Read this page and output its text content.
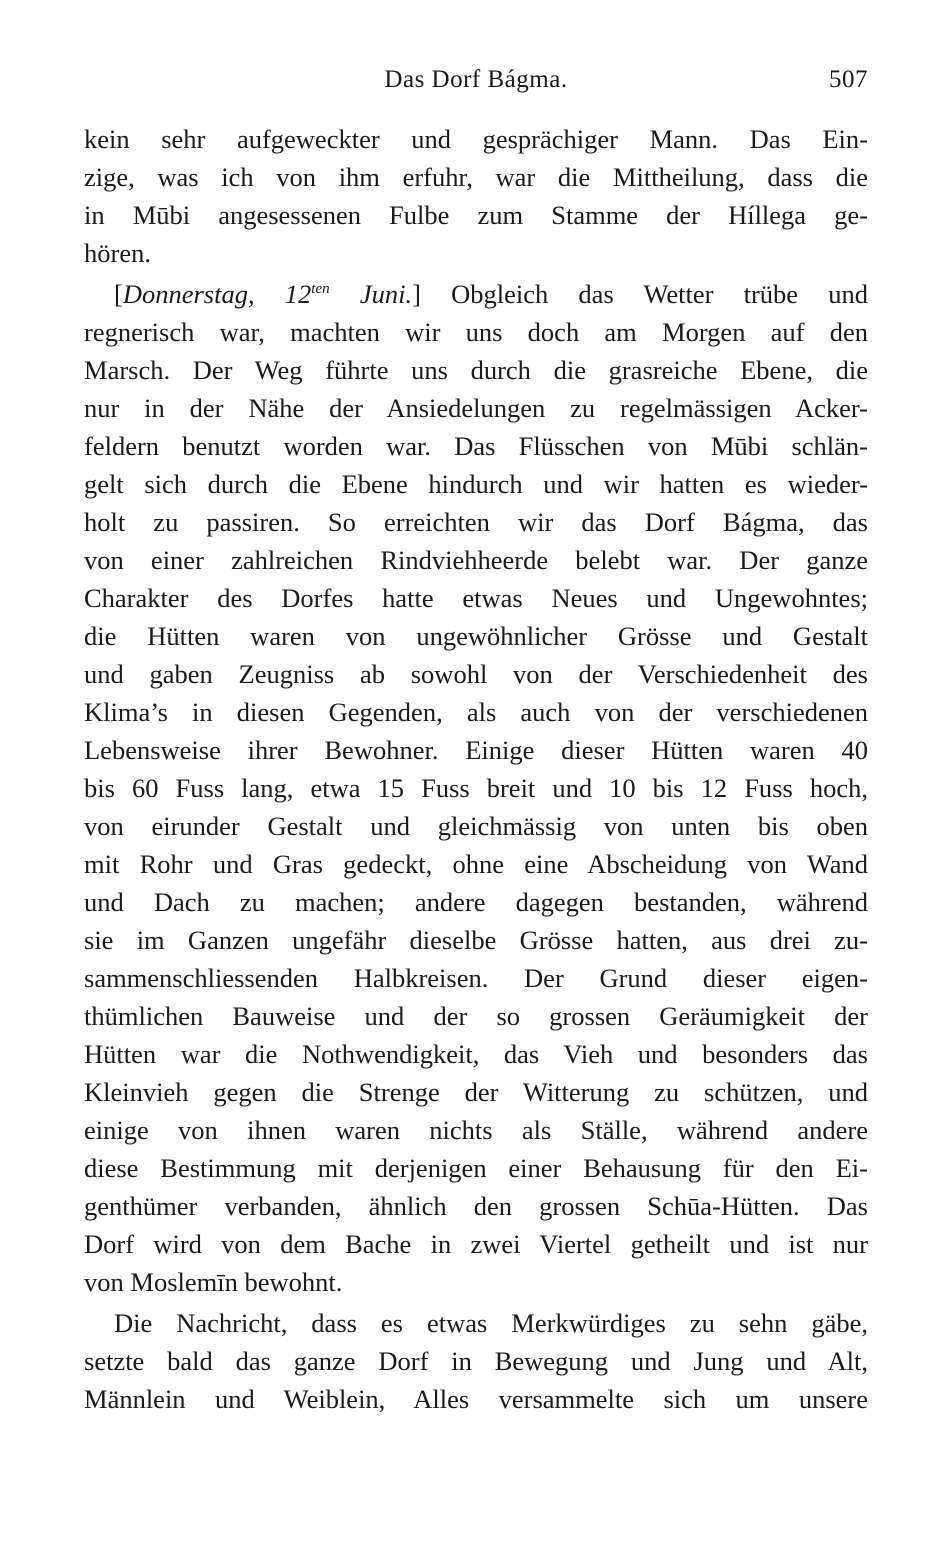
Das Dorf Bágma.	507
kein sehr aufgeweckter und gesprächiger Mann. Das Ein-
zige, was ich von ihm erfuhr, war die Mittheilung, dass die
in Mūbi angesessenen Fulbe zum Stamme der Híllega ge-
hören.
[Donnerstag, $12^{ten}$ Juni.] Obgleich das Wetter trübe und
regnerisch war, machten wir uns doch am Morgen auf den
Marsch. Der Weg führte uns durch die grasreiche Ebene, die
nur in der Nähe der Ansiedelungen zu regelmässigen Acker-
feldern benutzt worden war. Das Flüsschen von Mūbi schlän-
gelt sich durch die Ebene hindurch und wir hatten es wieder-
holt zu passiren. So erreichten wir das Dorf Bágma, das
von einer zahlreichen Rindviehheerde belebt war. Der ganze
Charakter des Dorfes hatte etwas Neues und Ungewohntes;
die Hütten waren von ungewöhnlicher Grösse und Gestalt
und gaben Zeugniss ab sowohl von der Verschiedenheit des
Klima’s in diesen Gegenden, als auch von der verschiedenen
Lebensweise ihrer Bewohner. Einige dieser Hütten waren 40
bis 60 Fuss lang, etwa 15 Fuss breit und 10 bis 12 Fuss hoch,
von eirunder Gestalt und gleichmässig von unten bis oben
mit Rohr und Gras gedeckt, ohne eine Abscheidung von Wand
und Dach zu machen; andere dagegen bestanden, während
sie im Ganzen ungefähr dieselbe Grösse hatten, aus drei zu-
sammenschliessenden Halbkreisen. Der Grund dieser eigen-
thümlichen Bauweise und der so grossen Geräumigkeit der
Hütten war die Nothwendigkeit, das Vieh und besonders das
Kleinvieh gegen die Strenge der Witterung zu schützen, und
einige von ihnen waren nichts als Ställe, während andere
diese Bestimmung mit derjenigen einer Behausung für den Ei-
genthümer verbanden, ähnlich den grossen Schūa-Hütten. Das
Dorf wird von dem Bache in zwei Viertel getheilt und ist nur
von Moslemīn bewohnt.
Die Nachricht, dass es etwas Merkwürdiges zu sehn gäbe,
setzte bald das ganze Dorf in Bewegung und Jung und Alt,
Männlein und Weiblein, Alles versammelte sich um unsere
